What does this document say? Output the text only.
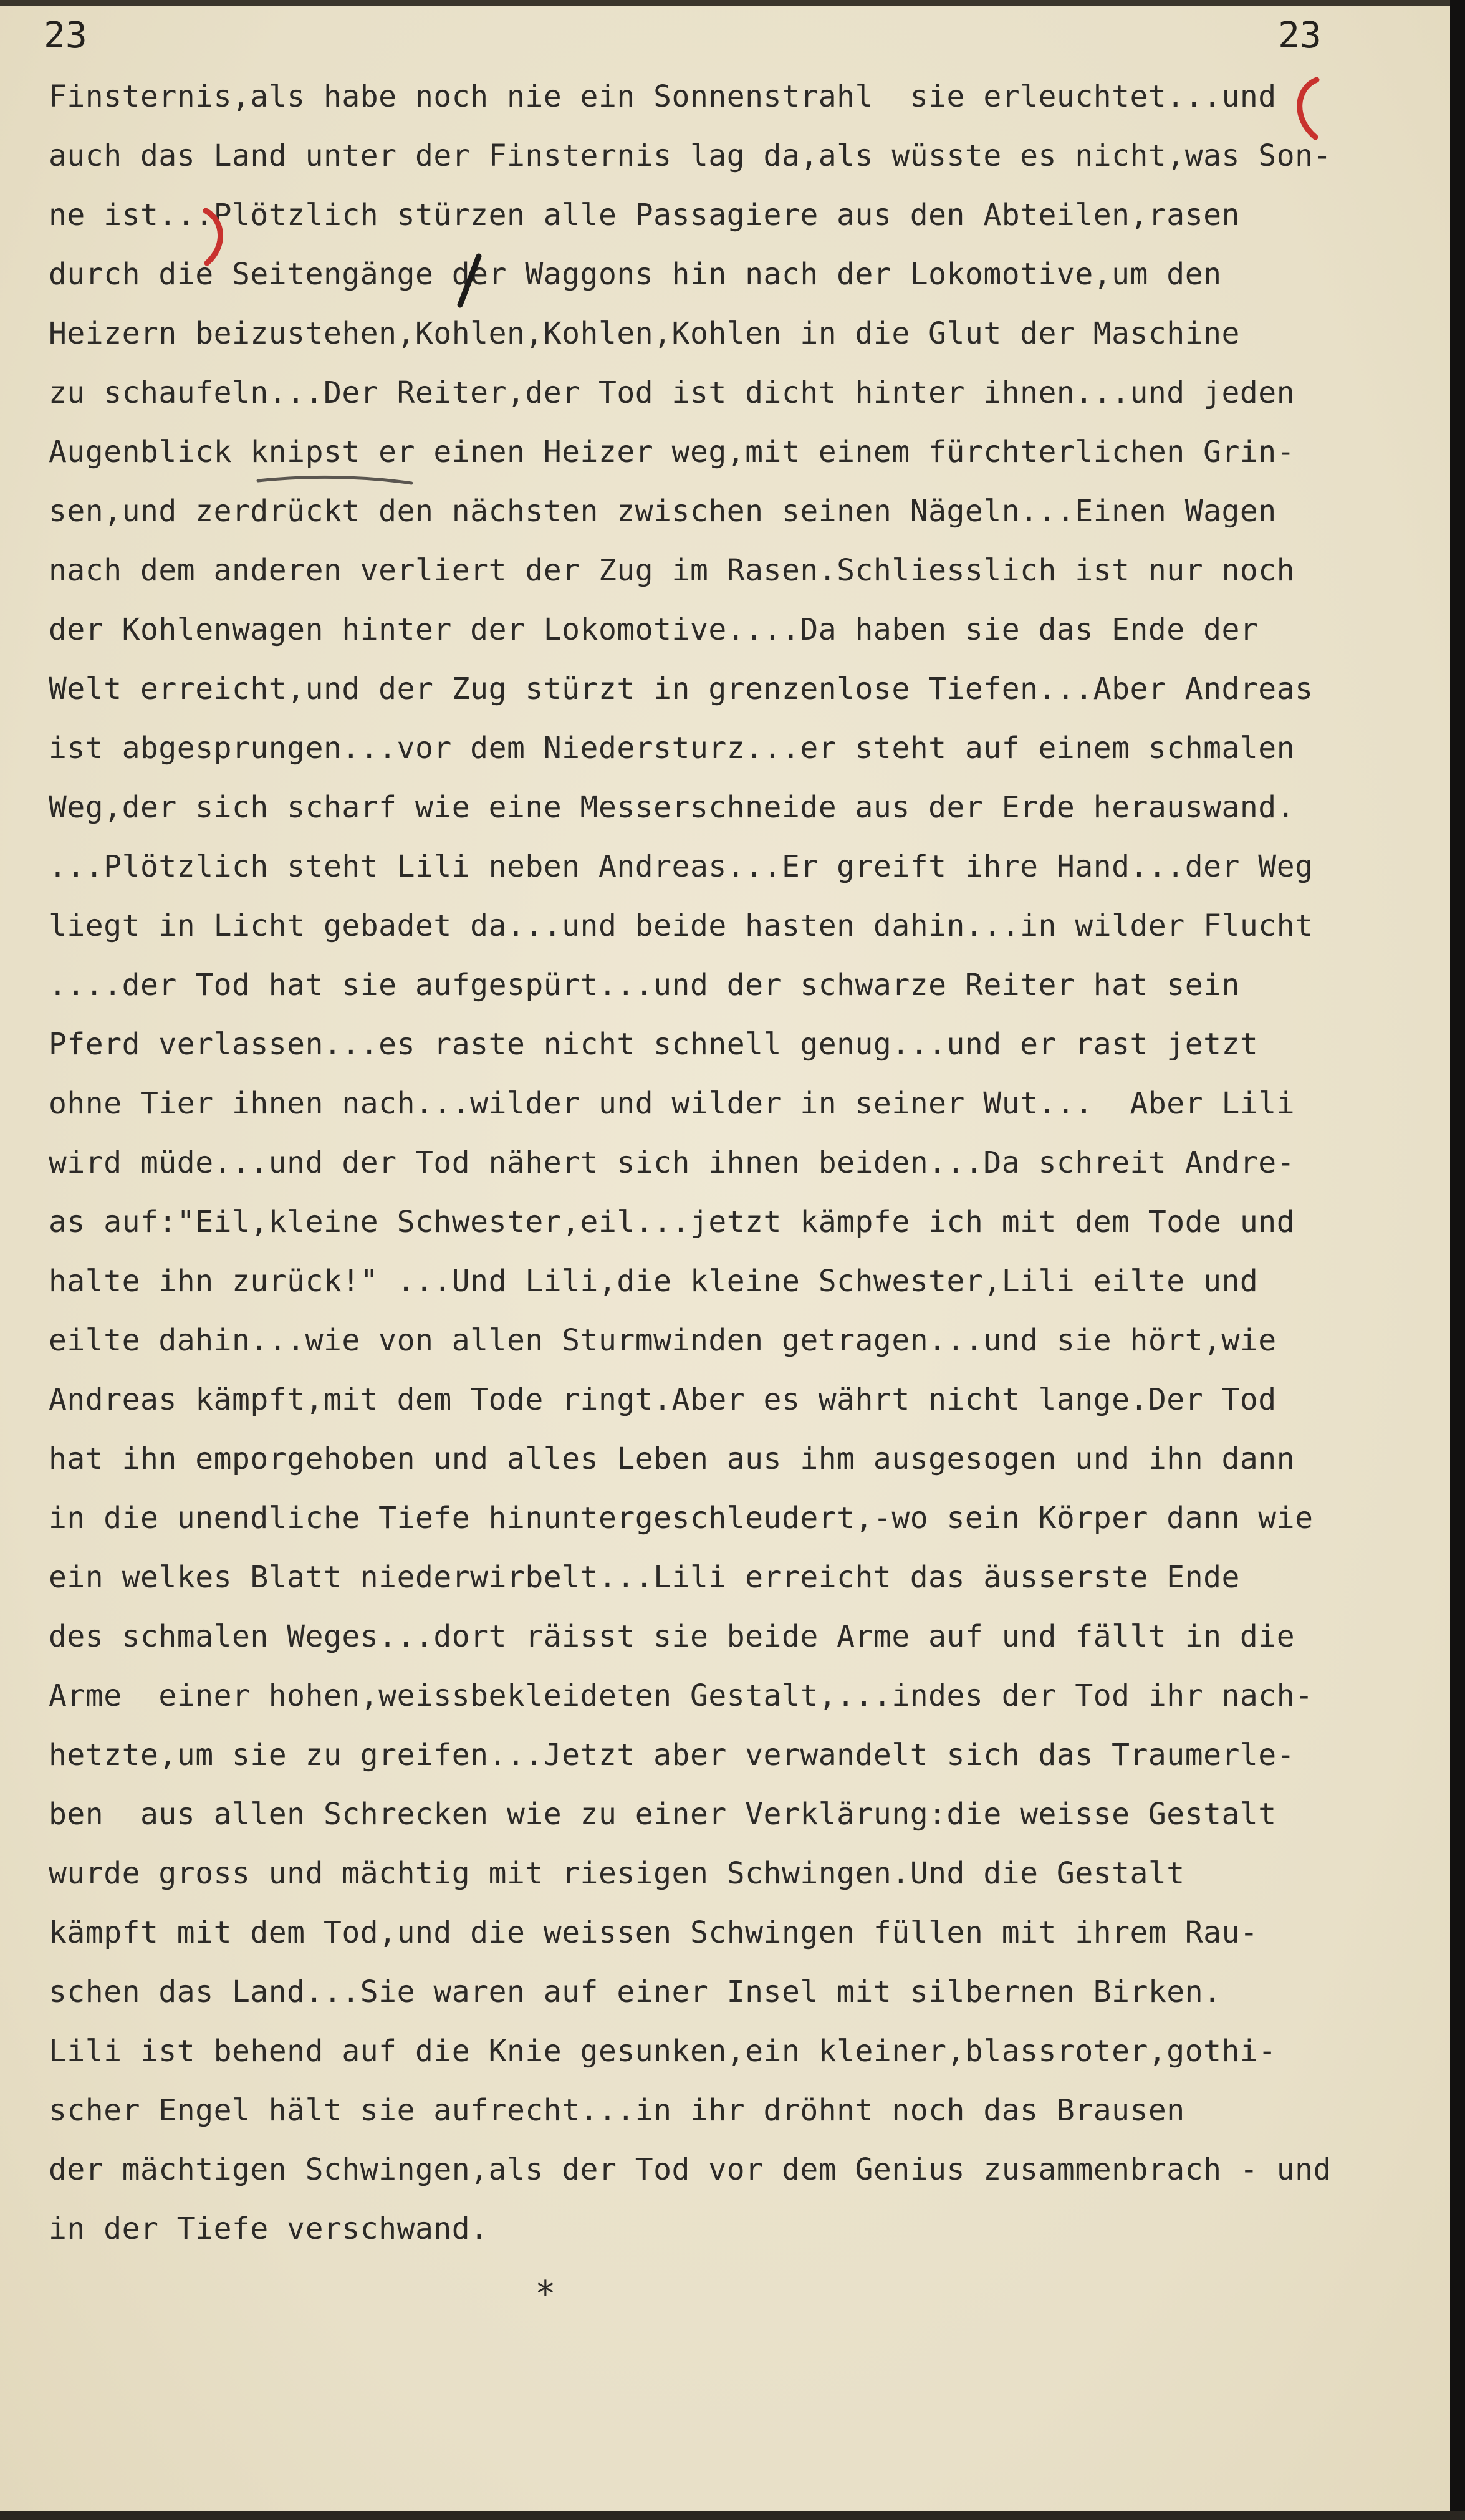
23	23
Finsternis,als habe noch nie ein Sonnenstrahl  sie erleuchtet...und
auch das Land unter der Finsternis lag da,als wüsste es nicht,was Son-
ne ist...Plötzlich stürzen alle Passagiere aus den Abteilen,rasen
durch die Seitengänge der Waggons hin nach der Lokomotive,um den
Heizern beizustehen,Kohlen,Kohlen,Kohlen in die Glut der Maschine
zu schaufeln...Der Reiter,der Tod ist dicht hinter ihnen...und jeden
Augenblick knipst er einen Heizer weg,mit einem fürchterlichen Grin-
sen,und zerdrückt den nächsten zwischen seinen Nägeln...Einen Wagen
nach dem anderen verliert der Zug im Rasen.Schliesslich ist nur noch
der Kohlenwagen hinter der Lokomotive....Da haben sie das Ende der
Welt erreicht,und der Zug stürzt in grenzenlose Tiefen...Aber Andreas
ist abgesprungen...vor dem Niedersturz...er steht auf einem schmalen
Weg,der sich scharf wie eine Messerschneide aus der Erde herauswand.
...Plötzlich steht Lili neben Andreas...Er greift ihre Hand...der Weg
liegt in Licht gebadet da...und beide hasten dahin...in wilder Flucht
....der Tod hat sie aufgespürt...und der schwarze Reiter hat sein
Pferd verlassen...es raste nicht schnell genug...und er rast jetzt
ohne Tier ihnen nach...wilder und wilder in seiner Wut...  Aber Lili
wird müde...und der Tod nähert sich ihnen beiden...Da schreit Andre-
as auf:"Eil,kleine Schwester,eil...jetzt kämpfe ich mit dem Tode und
halte ihn zurück!" ...Und Lili,die kleine Schwester,Lili eilte und
eilte dahin...wie von allen Sturmwinden getragen...und sie hört,wie
Andreas kämpft,mit dem Tode ringt.Aber es währt nicht lange.Der Tod
hat ihn emporgehoben und alles Leben aus ihm ausgesogen und ihn dann
in die unendliche Tiefe hinuntergeschleudert,-wo sein Körper dann wie
ein welkes Blatt niederwirbelt...Lili erreicht das äusserste Ende
des schmalen Weges...dort räisst sie beide Arme auf und fällt in die
Arme  einer hohen,weissbekleideten Gestalt,...indes der Tod ihr nach-
hetzte,um sie zu greifen...Jetzt aber verwandelt sich das Traumerle-
ben  aus allen Schrecken wie zu einer Verklärung:die weisse Gestalt
wurde gross und mächtig mit riesigen Schwingen.Und die Gestalt
kämpft mit dem Tod,und die weissen Schwingen füllen mit ihrem Rau-
schen das Land...Sie waren auf einer Insel mit silbernen Birken.
Lili ist behend auf die Knie gesunken,ein kleiner,blassroter,gothi-
scher Engel hält sie aufrecht...in ihr dröhnt noch das Brausen
der mächtigen Schwingen,als der Tod vor dem Genius zusammenbrach - und
in der Tiefe verschwand.
*
